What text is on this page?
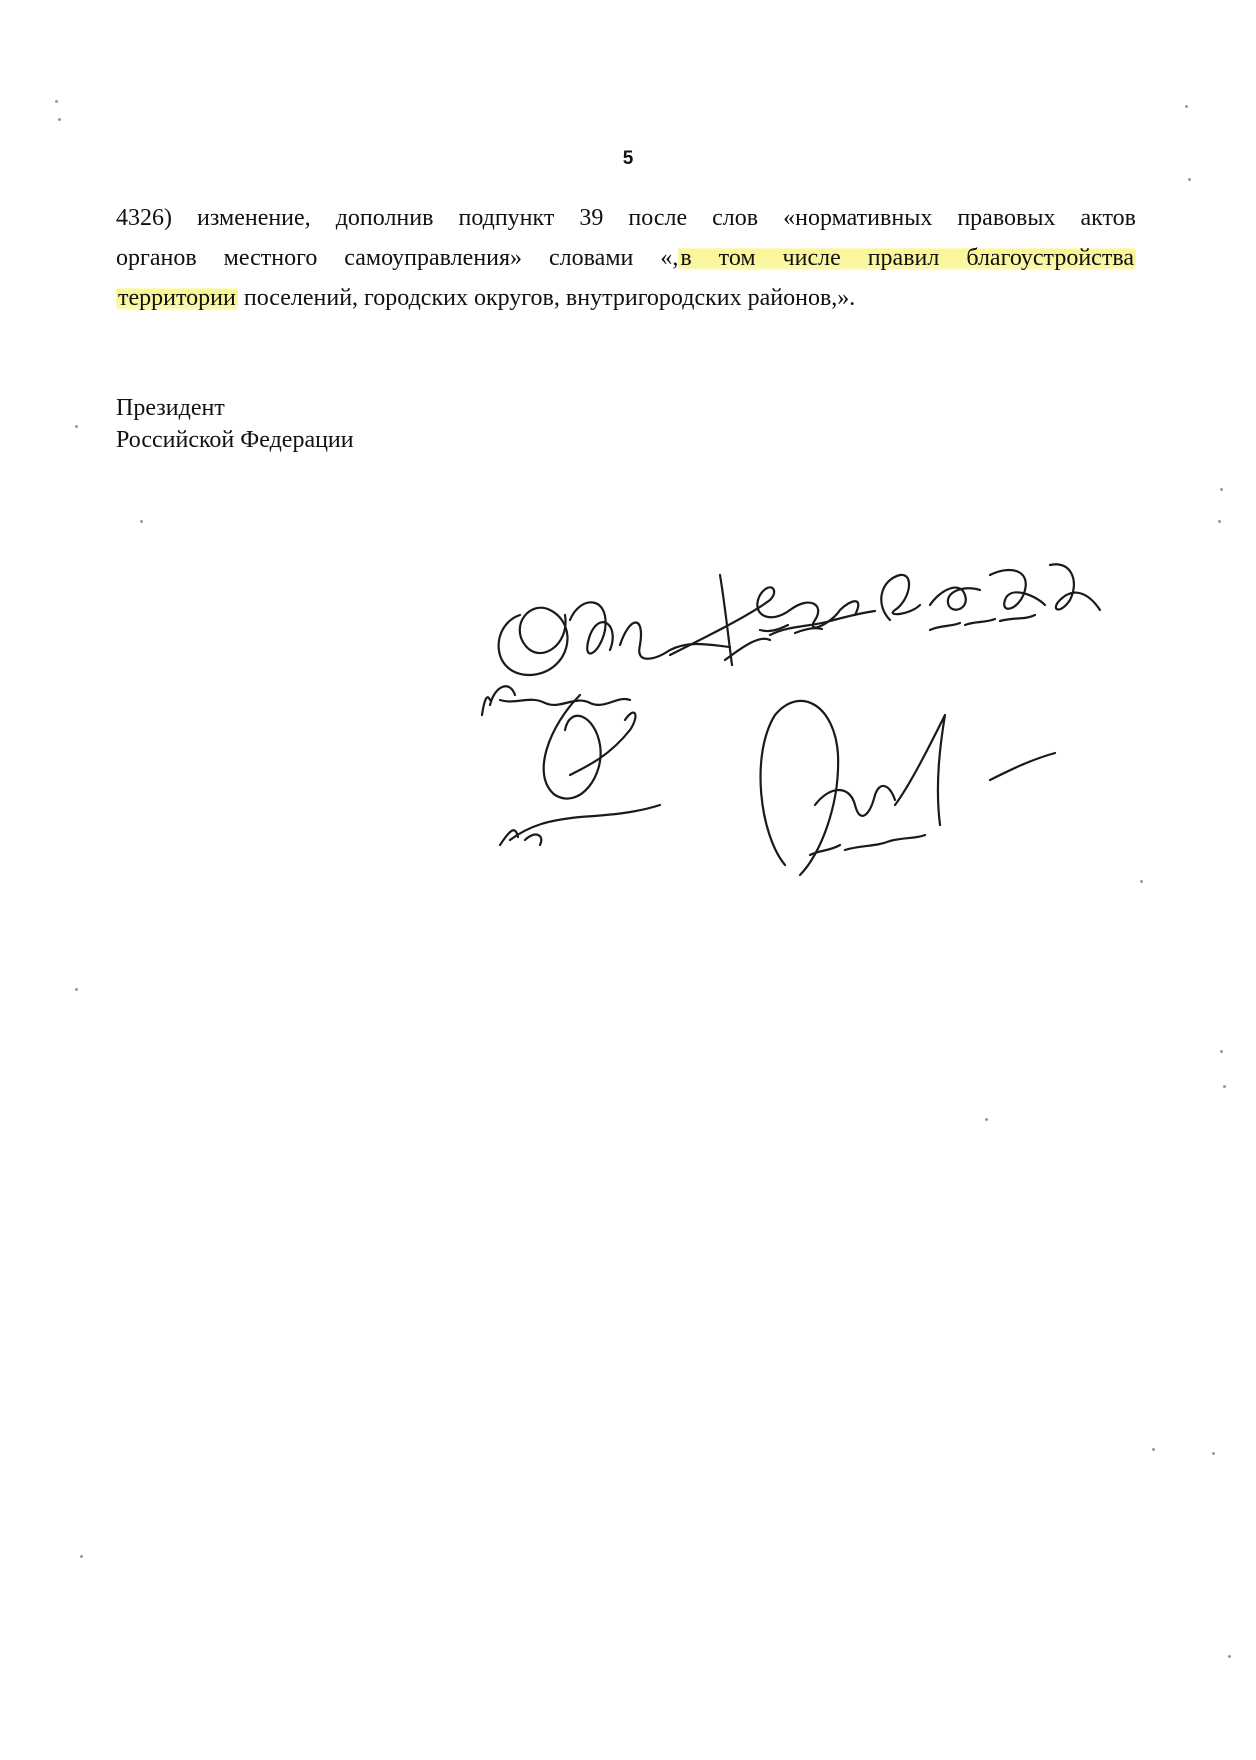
5
4326) изменение, дополнив подпункт 39 после слов «нормативных правовых актов
органов местного самоуправления» словами «,в том числе правил благоустройства
территории поселений, городских округов, внутригородских районов,».
Президент
Российской Федерации
